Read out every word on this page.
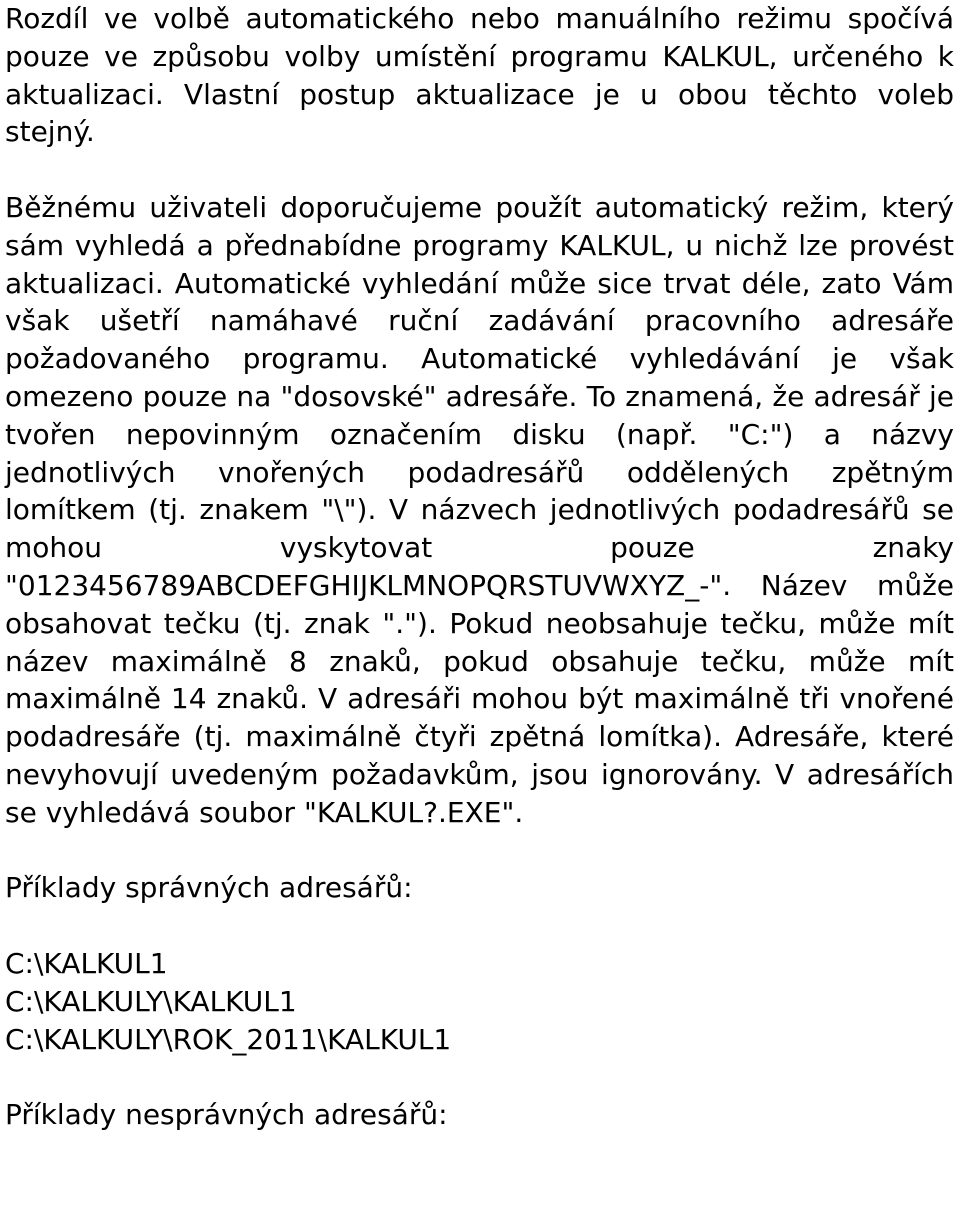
Rozdíl ve volbě automatického nebo manuálního režimu spočívá pouze ve způsobu volby umístění programu KALKUL, určeného k aktualizaci. Vlastní postup aktualizace je u obou těchto voleb stejný.

Běžnému uživateli doporučujeme použít automatický režim, který sám vyhledá a přednabídne programy KALKUL, u nichž lze provést aktualizaci. Automatické vyhledání může sice trvat déle, zato Vám však ušetří namáhavé ruční zadávání pracovního adresáře požadovaného programu. Automatické vyhledávání je však omezeno pouze na "dosovské" adresáře. To znamená, že adresář je tvořen nepovinným označením disku (např. "C:") a názvy jednotlivých vnořených podadresářů oddělených zpětným lomítkem (tj. znakem "\"). V názvech jednotlivých podadresářů se mohou vyskytovat pouze znaky "0123456789ABCDEFGHIJKLMNOPQRSTUVWXYZ_-". Název může obsahovat tečku (tj. znak "."). Pokud neobsahuje tečku, může mít název maximálně 8 znaků, pokud obsahuje tečku, může mít maximálně 14 znaků. V adresáři mohou být maximálně tři vnořené podadresáře (tj. maximálně čtyři zpětná lomítka). Adresáře, které nevyhovují uvedeným požadavkům, jsou ignorovány. V adresářích se vyhledává soubor "KALKUL?.EXE".

Příklady správných adresářů:

C:\KALKUL1
C:\KALKULY\KALKUL1
C:\KALKULY\ROK_2011\KALKUL1

Příklady nesprávných adresářů:
